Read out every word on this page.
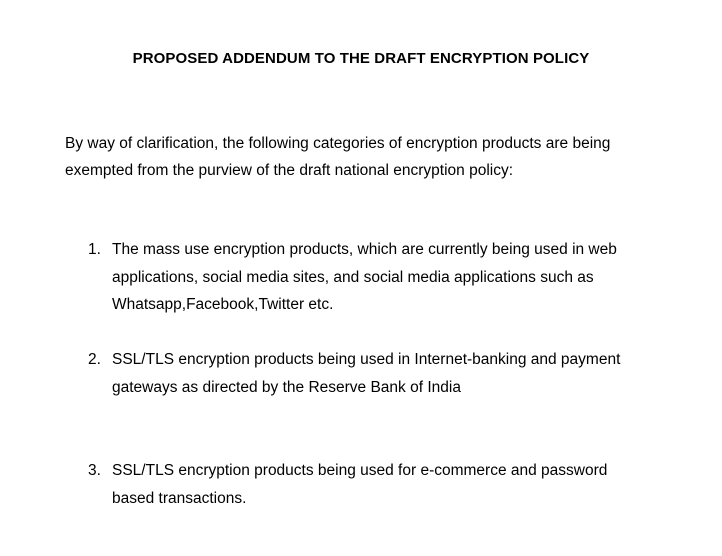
PROPOSED ADDENDUM TO THE DRAFT ENCRYPTION POLICY
By way of clarification, the following categories of encryption products are being
exempted from the purview of the draft national encryption policy:
1. The mass use encryption products, which are currently being used in web
applications, social media sites, and social media applications such as
Whatsapp,Facebook,Twitter etc.
2. SSL/TLS encryption products being used in Internet-banking and payment
gateways as directed by the Reserve Bank of India
3. SSL/TLS encryption products being used for e-commerce and password
based transactions.
